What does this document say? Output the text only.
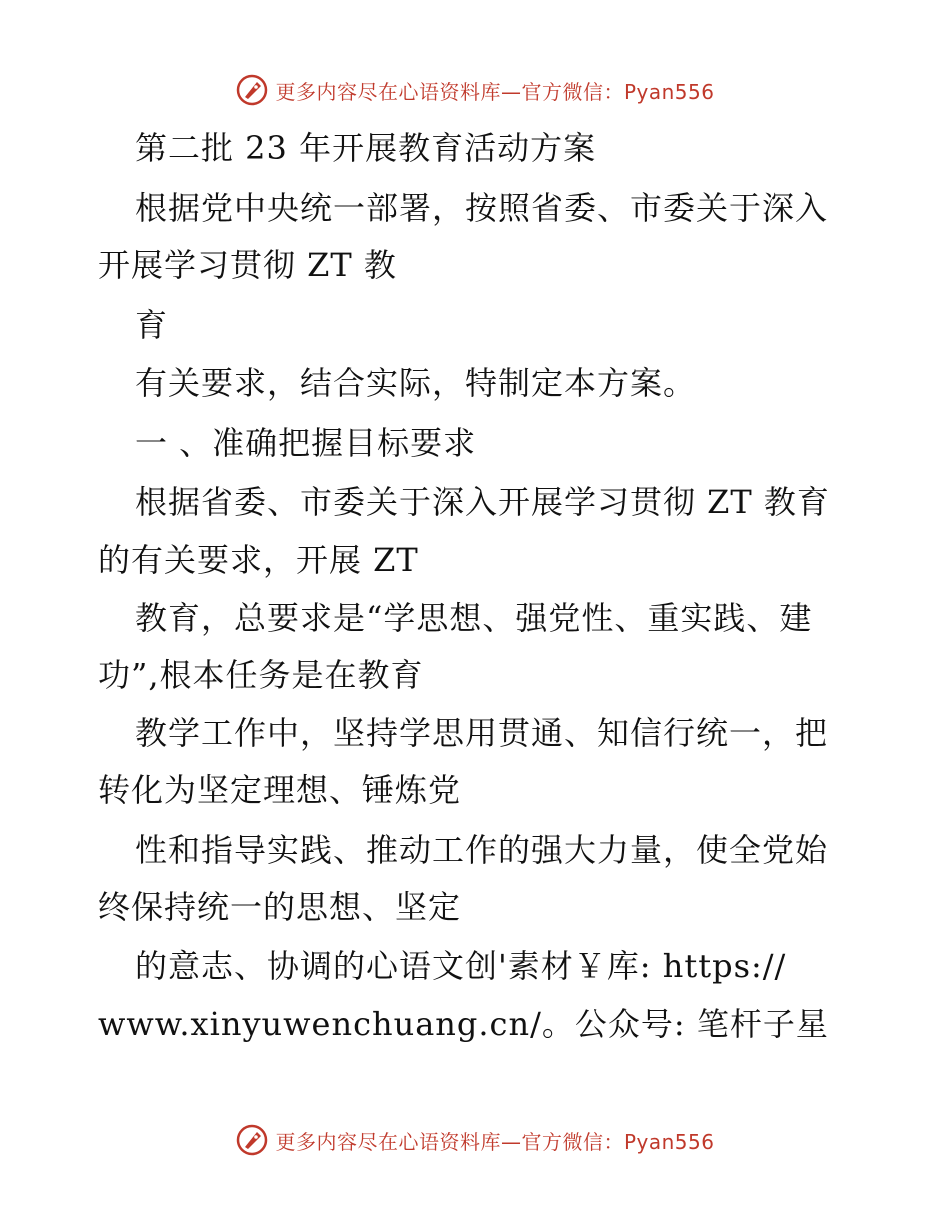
更多内容尽在心语资料库—官方微信：Pyan556
第二批 23 年开展教育活动方案
根据党中央统一部署，按照省委、市委关于深入
开展学习贯彻 ZT 教
育
有关要求，结合实际，特制定本方案。
一 、准确把握目标要求
根据省委、市委关于深入开展学习贯彻 ZT 教育
的有关要求，开展 ZT
教育，总要求是“学思想、强党性、重实践、建
功”,根本任务是在教育
教学工作中，坚持学思用贯通、知信行统一，把
转化为坚定理想、锤炼党
性和指导实践、推动工作的强大力量，使全党始
终保持统一的思想、坚定
的意志、协调的心语文创'素材￥库: https://
www.xinyuwenchuang.cn/。公众号: 笔杆子星
更多内容尽在心语资料库—官方微信：Pyan556
